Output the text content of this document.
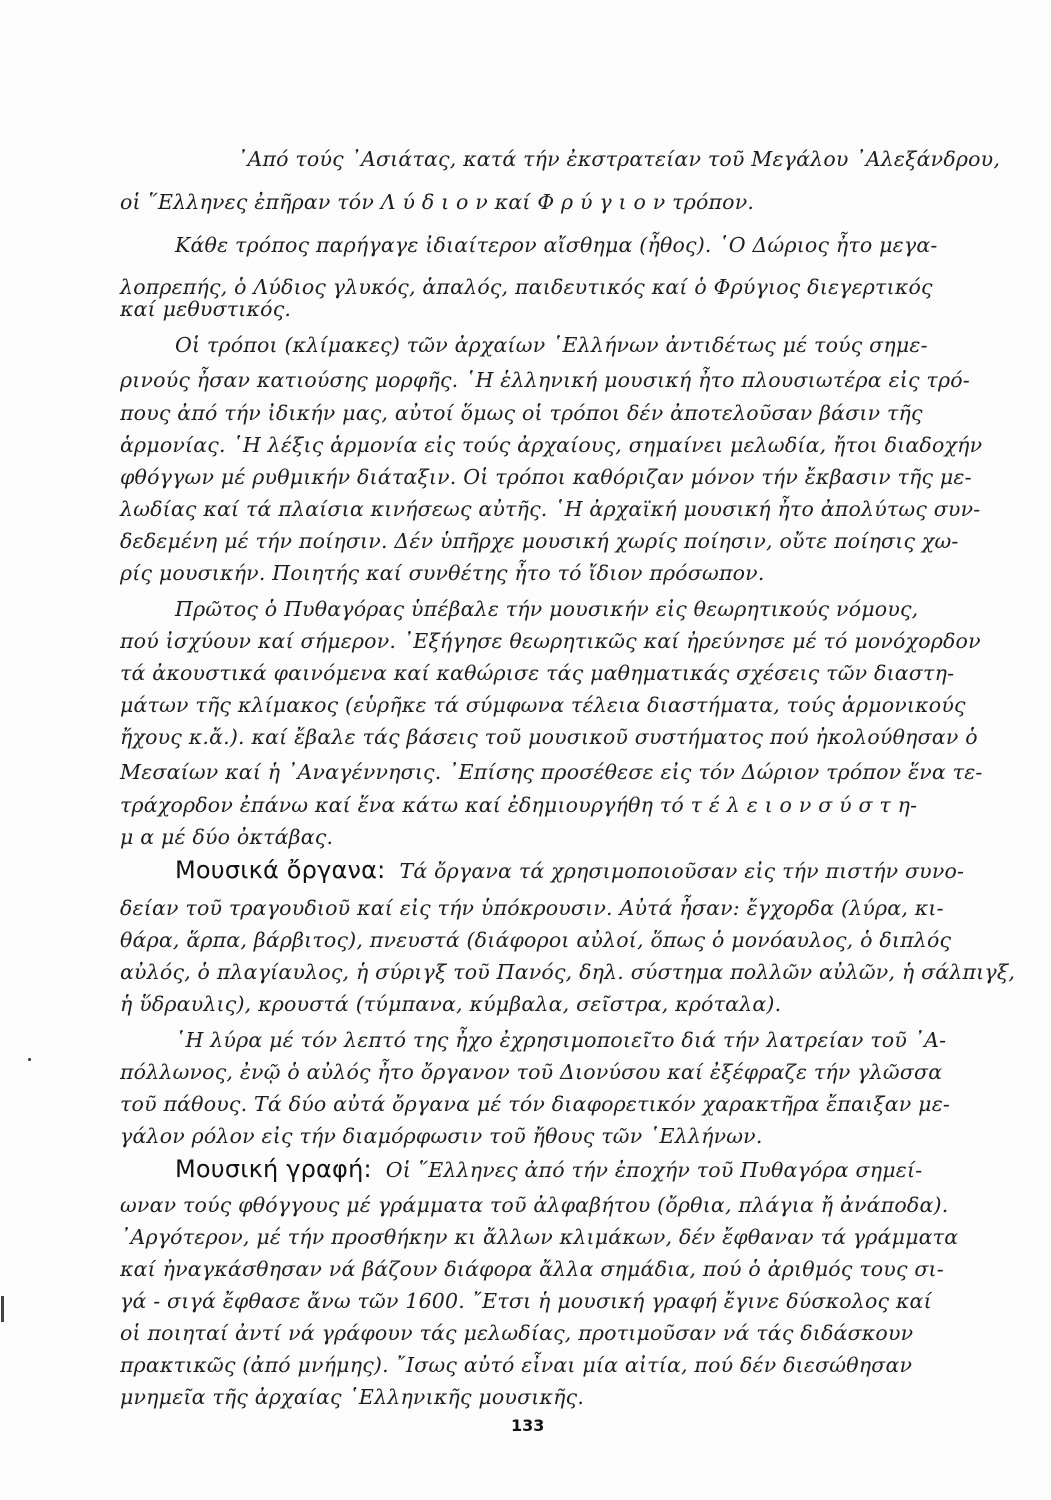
᾿Από τούς ᾿Ασιάτας, κατά τήν ἐκστρατείαν τοῦ Μεγάλου ᾿Αλεξάνδρου,
οἱ ῞Ελληνες ἐπῆραν τόν Λ ύ δ ι ο ν καί Φ ρ ύ γ ι ο ν τρόπον.
Κάθε τρόπος παρήγαγε ἰδιαίτερον αἴσθημα (ἦθος). ῾Ο Δώριος ἦτο μεγα-
λοπρεπής, ὁ Λύδιος γλυκός, ἁπαλός, παιδευτικός καί ὁ Φρύγιος διεγερτικός
καί μεθυστικός.
Οἱ τρόποι (κλίμακες) τῶν ἀρχαίων ῾Ελλήνων ἀντιδέτως μέ τούς σημε-
ρινούς ἦσαν κατιούσης μορφῆς. ῾Η ἑλληνική μουσική ἦτο πλουσιωτέρα εἰς τρό-
πους ἀπό τήν ἰδικήν μας, αὐτοί ὅμως οἱ τρόποι δέν ἀποτελοῦσαν βάσιν τῆς
ἁρμονίας. ῾Η λέξις ἁρμονία εἰς τούς ἀρχαίους, σημαίνει μελωδία, ἤτοι διαδοχήν
φθόγγων μέ ρυθμικήν διάταξιν. Οἱ τρόποι καθόριζαν μόνον τήν ἔκβασιν τῆς με-
λωδίας καί τά πλαίσια κινήσεως αὐτῆς. ῾Η ἀρχαϊκή μουσική ἦτο ἀπολύτως συν-
δεδεμένη μέ τήν ποίησιν. Δέν ὑπῆρχε μουσική χωρίς ποίησιν, οὔτε ποίησις χω-
ρίς μουσικήν. Ποιητής καί συνθέτης ἦτο τό ἴδιον πρόσωπον.
Πρῶτος ὁ Πυθαγόρας ὑπέβαλε τήν μουσικήν εἰς θεωρητικούς νόμους,
πού ἰσχύουν καί σήμερον. ᾿Εξήγησε θεωρητικῶς καί ἠρεύνησε μέ τό μονόχορδον
τά ἀκουστικά φαινόμενα καί καθώρισε τάς μαθηματικάς σχέσεις τῶν διαστη-
μάτων τῆς κλίμακος (εὑρῆκε τά σύμφωνα τέλεια διαστήματα, τούς ἁρμονικούς
ἤχους κ.ἄ.). καί ἔβαλε τάς βάσεις τοῦ μουσικοῦ συστήματος πού ἠκολούθησαν ὁ
Μεσαίων καί ἡ ᾿Αναγέννησις. ᾿Επίσης προσέθεσε εἰς τόν Δώριον τρόπον ἕνα τε-
τράχορδον ἐπάνω καί ἕνα κάτω καί ἐδημιουργήθη τό τ έ λ ε ι ο ν σ ύ σ τ η-
μ α μέ δύο ὀκτάβας.
Μουσικά ὄργανα: Τά ὄργανα τά χρησιμοποιοῦσαν εἰς τήν πιστήν συνο-
δείαν τοῦ τραγουδιοῦ καί εἰς τήν ὑπόκρουσιν. Αὐτά ἦσαν: ἔγχορδα (λύρα, κι-
θάρα, ἅρπα, βάρβιτος), πνευστά (διάφοροι αὐλοί, ὅπως ὁ μονόαυλος, ὁ διπλός
αὐλός, ὁ πλαγίαυλος, ἡ σύριγξ τοῦ Πανός, δηλ. σύστημα πολλῶν αὐλῶν, ἡ σάλπιγξ,
ἡ ὕδραυλις), κρουστά (τύμπανα, κύμβαλα, σεῖστρα, κρόταλα).
῾Η λύρα μέ τόν λεπτό της ἦχο ἐχρησιμοποιεῖτο διά τήν λατρείαν τοῦ ᾿Α-
πόλλωνος, ἐνῷ ὁ αὐλός ἦτο ὄργανον τοῦ Διονύσου καί ἐξέφραζε τήν γλῶσσα
τοῦ πάθους. Τά δύο αὐτά ὄργανα μέ τόν διαφορετικόν χαρακτῆρα ἔπαιξαν με-
γάλον ρόλον εἰς τήν διαμόρφωσιν τοῦ ἤθους τῶν ῾Ελλήνων.
Μουσική γραφή: Οἱ ῞Ελληνες ἀπό τήν ἐποχήν τοῦ Πυθαγόρα σημεί-
ωναν τούς φθόγγους μέ γράμματα τοῦ ἀλφαβήτου (ὄρθια, πλάγια ἤ ἀνάποδα).
᾿Αργότερον, μέ τήν προσθήκην κι ἄλλων κλιμάκων, δέν ἔφθαναν τά γράμματα
καί ἠναγκάσθησαν νά βάζουν διάφορα ἄλλα σημάδια, πού ὁ ἀριθμός τους σι-
γά - σιγά ἔφθασε ἄνω τῶν 1600. ῎Ετσι ἡ μουσική γραφή ἔγινε δύσκολος καί
οἱ ποιηταί ἀντί νά γράφουν τάς μελωδίας, προτιμοῦσαν νά τάς διδάσκουν
πρακτικῶς (ἀπό μνήμης). ῎Ισως αὐτό εἶναι μία αἰτία, πού δέν διεσώθησαν
μνημεῖα τῆς ἀρχαίας ῾Ελληνικῆς μουσικῆς.
133
